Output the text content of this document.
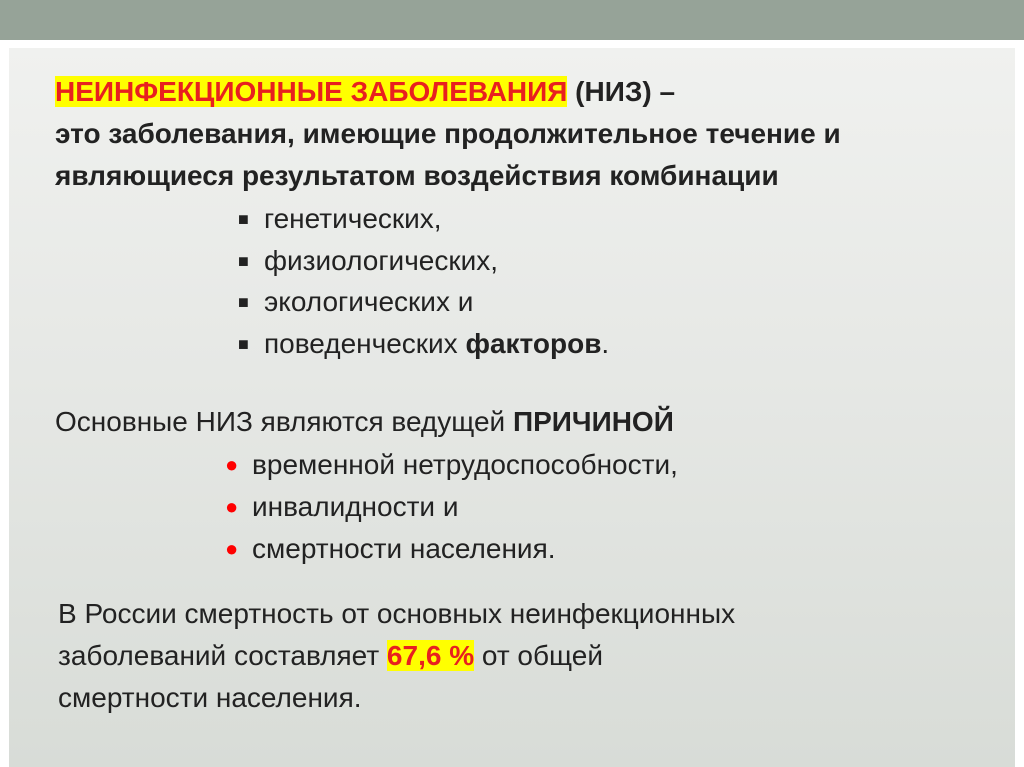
НЕИНФЕКЦИОННЫЕ ЗАБОЛЕВАНИЯ (НИЗ) –
это заболевания, имеющие продолжительное течение и
являющиеся результатом воздействия комбинации
■ генетических,
■ физиологических,
■ экологических и
■ поведенческих факторов.
Основные НИЗ являются ведущей ПРИЧИНОЙ
● временной нетрудоспособности,
● инвалидности и
● смертности населения.
В России смертность от основных неинфекционных
заболеваний составляет 67,6 % от общей
смертности населения.
